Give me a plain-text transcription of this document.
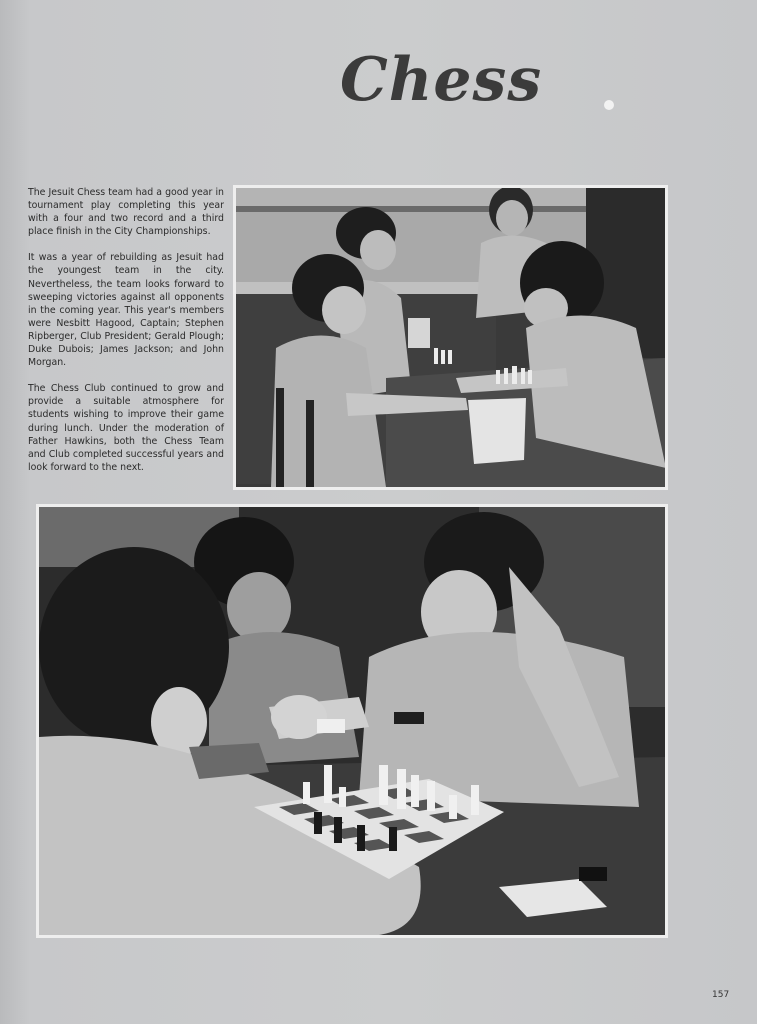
Chess

The Jesuit Chess team had a good year in tournament play completing this year with a four and two record and a third place finish in the City Championships.

It was a year of rebuilding as Jesuit had the youngest team in the city. Nevertheless, the team looks forward to sweeping victories against all opponents in the coming year. This year's members were Nesbitt Hagood, Captain; Stephen Ripberger, Club President; Gerald Plough; Duke Dubois; James Jackson; and John Morgan.

The Chess Club continued to grow and provide a suitable atmosphere for students wishing to improve their game during lunch. Under the moderation of Father Hawkins, both the Chess Team and Club completed successful years and look forward to the next.

157
